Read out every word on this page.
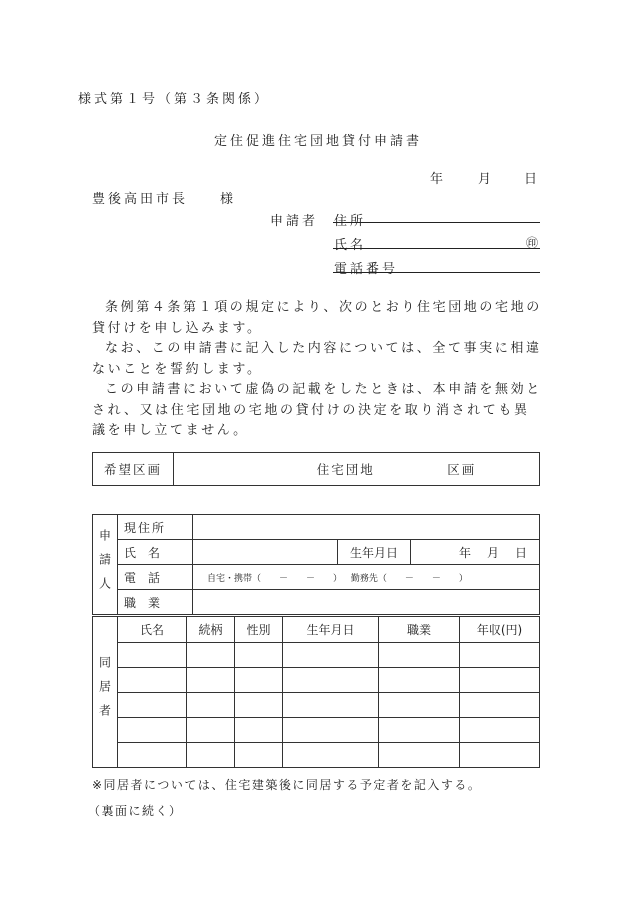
様式第１号（第３条関係）
定住促進住宅団地貸付申請書
年	月	日
豊後高田市長　　様
申請者 住所
氏名	㊞
電話番号

条例第４条第１項の規定により、次のとおり住宅団地の宅地の貸付けを申し込みます。

なお、この申請書に記入した内容については、全て事実に相違ないことを誓約します。

この申請書において虚偽の記載をしたときは、本申請を無効とされ、又は住宅団地の宅地の貸付けの決定を取り消されても異議を申し立てません。

希望区画	住宅団地　　　　　区画
申請人	現住所			
	氏　名		生年月日	年　月　日
	電　話	自宅・携帯（　　－　　－　　） 勤務先（　　－　　－　　）		
	職　業			
同居者	氏名	続柄	性別	生年月日	職業	年収(円)

※同居者については、住宅建築後に同居する予定者を記入する。
（裏面に続く）
